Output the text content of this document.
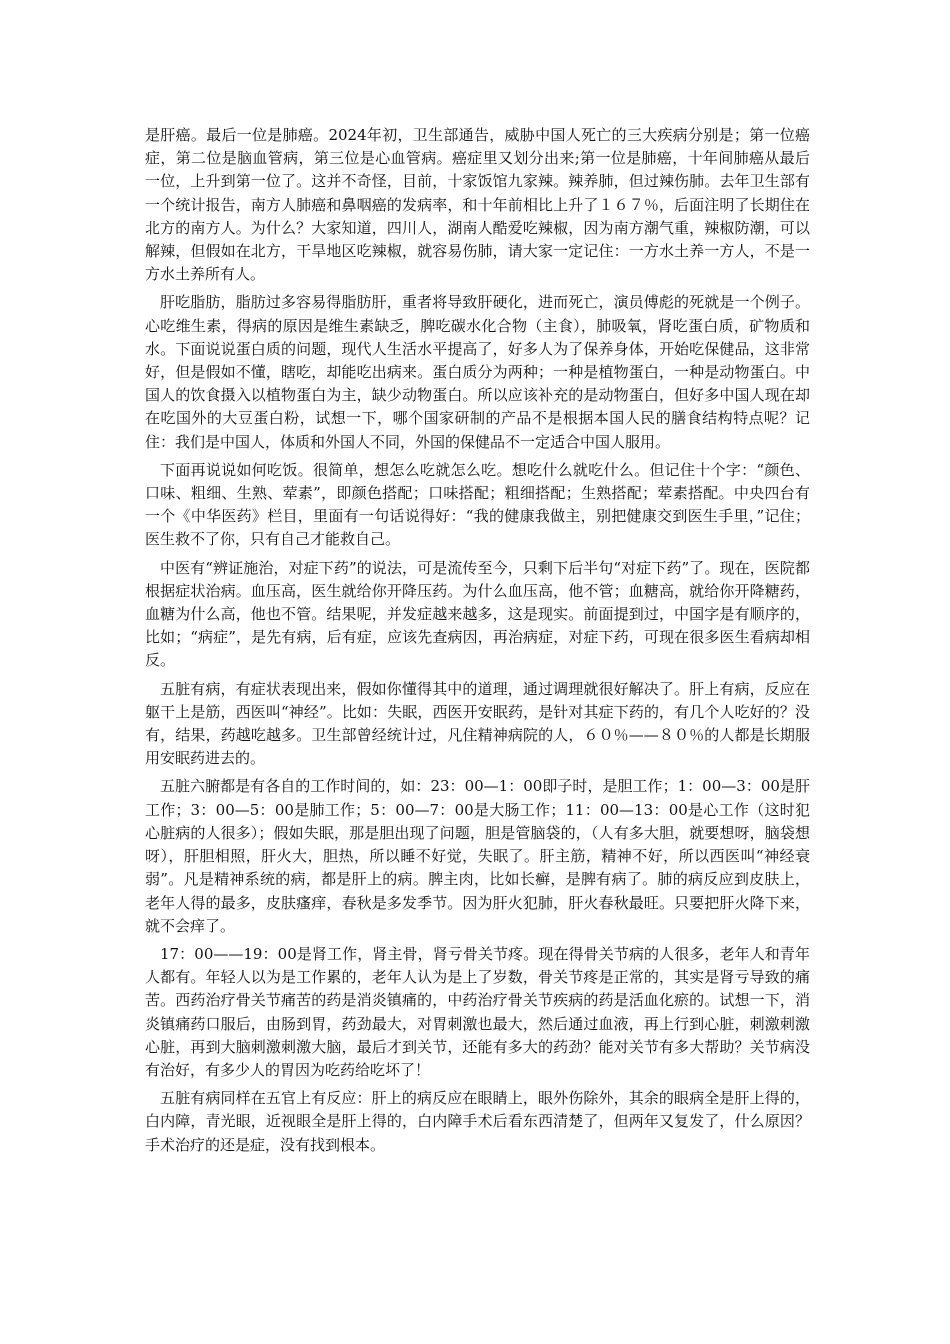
是肝癌。最后一位是肺癌。2024年初，卫生部通告，威胁中国人死亡的三大疾病分别是；第一位癌症，第二位是脑血管病，第三位是心血管病。癌症里又划分出来;第一位是肺癌，十年间肺癌从最后一位，上升到第一位了。这并不奇怪，目前，十家饭馆九家辣。辣养肺，但过辣伤肺。去年卫生部有一个统计报告，南方人肺癌和鼻咽癌的发病率，和十年前相比上升了１６７％，后面注明了长期住在北方的南方人。为什么？大家知道，四川人，湖南人酷爱吃辣椒，因为南方潮气重，辣椒防潮，可以解辣，但假如在北方，干旱地区吃辣椒，就容易伤肺，请大家一定记住：一方水土养一方人，不是一方水土养所有人。

肝吃脂肪，脂肪过多容易得脂肪肝，重者将导致肝硬化，进而死亡，演员傅彪的死就是一个例子。心吃维生素，得病的原因是维生素缺乏，脾吃碳水化合物（主食），肺吸氧，肾吃蛋白质，矿物质和水。下面说说蛋白质的问题，现代人生活水平提高了，好多人为了保养身体，开始吃保健品，这非常好，但是假如不懂，瞎吃，却能吃出病来。蛋白质分为两种；一种是植物蛋白，一种是动物蛋白。中国人的饮食摄入以植物蛋白为主，缺少动物蛋白。所以应该补充的是动物蛋白，但好多中国人现在却在吃国外的大豆蛋白粉，试想一下，哪个国家研制的产品不是根据本国人民的膳食结构特点呢？记住：我们是中国人，体质和外国人不同，外国的保健品不一定适合中国人服用。

下面再说说如何吃饭。很简单，想怎么吃就怎么吃。想吃什么就吃什么。但记住十个字：“颜色、口味、粗细、生熟、荤素”，即颜色搭配；口味搭配；粗细搭配；生熟搭配；荤素搭配。中央四台有一个《中华医药》栏目，里面有一句话说得好：“我的健康我做主，别把健康交到医生手里，”记住；医生救不了你，只有自己才能救自己。

中医有“辨证施治，对症下药”的说法，可是流传至今，只剩下后半句“对症下药”了。现在，医院都根据症状治病。血压高，医生就给你开降压药。为什么血压高，他不管；血糖高，就给你开降糖药，血糖为什么高，他也不管。结果呢，并发症越来越多，这是现实。前面提到过，中国字是有顺序的，比如；“病症”，是先有病，后有症，应该先查病因，再治病症，对症下药，可现在很多医生看病却相反。

五脏有病，有症状表现出来，假如你懂得其中的道理，通过调理就很好解决了。肝上有病，反应在躯干上是筋，西医叫“神经”。比如：失眠，西医开安眠药，是针对其症下药的，有几个人吃好的？没有，结果，药越吃越多。卫生部曾经统计过，凡住精神病院的人，６０％——８０％的人都是长期服用安眠药进去的。

五脏六腑都是有各自的工作时间的，如：23：00—1：00即子时，是胆工作；1：00—3：00是肝工作；3：00—5：00是肺工作；5：00—7：00是大肠工作；11：00—13：00是心工作（这时犯心脏病的人很多）；假如失眠，那是胆出现了问题，胆是管脑袋的，（人有多大胆，就要想呀，脑袋想呀），肝胆相照，肝火大，胆热，所以睡不好觉，失眠了。肝主筋，精神不好，所以西医叫“神经衰弱”。凡是精神系统的病，都是肝上的病。脾主肉，比如长癣，是脾有病了。肺的病反应到皮肤上，老年人得的最多，皮肤瘙痒，春秋是多发季节。因为肝火犯肺，肝火春秋最旺。只要把肝火降下来，就不会痒了。

17：00——19：00是肾工作，肾主骨，肾亏骨关节疼。现在得骨关节病的人很多，老年人和青年人都有。年轻人以为是工作累的，老年人认为是上了岁数，骨关节疼是正常的，其实是肾亏导致的痛苦。西药治疗骨关节痛苦的药是消炎镇痛的，中药治疗骨关节疾病的药是活血化瘀的。试想一下，消炎镇痛药口服后，由肠到胃，药劲最大，对胃刺激也最大，然后通过血液，再上行到心脏，刺激刺激心脏，再到大脑刺激刺激大脑，最后才到关节，还能有多大的药劲？能对关节有多大帮助？关节病没有治好，有多少人的胃因为吃药给吃坏了！

五脏有病同样在五官上有反应：肝上的病反应在眼睛上，眼外伤除外，其余的眼病全是肝上得的，白内障，青光眼，近视眼全是肝上得的，白内障手术后看东西清楚了，但两年又复发了，什么原因？手术治疗的还是症，没有找到根本。
